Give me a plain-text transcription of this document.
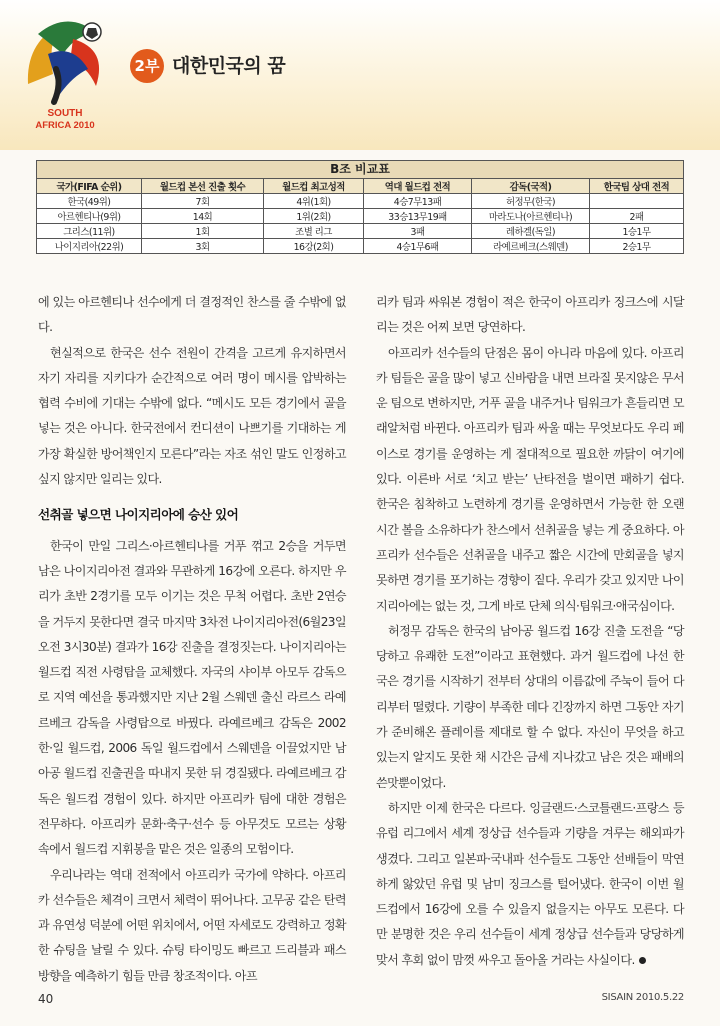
SOUTH
AFRICA 2010
2부 대한민국의 꿈
B조 비교표
국가(FIFA 순위)	월드컵 본선 진출 횟수	월드컵 최고성적	역대 월드컵 전적	감독(국적)	한국팀 상대 전적
한국(49위)	7회	4위(1회)	4승7무13패	허정무(한국)	
아르헨티나(9위)	14회	1위(2회)	33승13무19패	마라도나(아르헨티나)	2패
그리스(11위)	1회	조별 리그	3패	레하겔(독일)	1승1무
나이지리아(22위)	3회	16강(2회)	4승1무6패	라예르베크(스웨덴)	2승1무

에 있는 아르헨티나 선수에게 더 결정적인 찬스를 줄 수밖에 없다.

현실적으로 한국은 선수 전원이 간격을 고르게 유지하면서 자기 자리를 지키다가 순간적으로 여러 명이 메시를 압박하는 협력 수비에 기대는 수밖에 없다. “메시도 모든 경기에서 골을 넣는 것은 아니다. 한국전에서 컨디션이 나쁘기를 기대하는 게 가장 확실한 방어책인지 모른다”라는 자조 섞인 말도 인정하고 싶지 않지만 일리는 있다.

선취골 넣으면 나이지리아에 승산 있어

한국이 만일 그리스·아르헨티나를 거푸 꺾고 2승을 거두면 남은 나이지리아전 결과와 무관하게 16강에 오른다. 하지만 우리가 초반 2경기를 모두 이기는 것은 무척 어렵다. 초반 2연승을 거두지 못한다면 결국 마지막 3차전 나이지리아전(6월23일 오전 3시30분) 결과가 16강 진출을 결정짓는다. 나이지리아는 월드컵 직전 사령탑을 교체했다. 자국의 샤이부 아모두 감독으로 지역 예선을 통과했지만 지난 2월 스웨덴 출신 라르스 라예르베크 감독을 사령탑으로 바꿨다. 라예르베크 감독은 2002 한·일 월드컵, 2006 독일 월드컵에서 스웨덴을 이끌었지만 남아공 월드컵 진출권을 따내지 못한 뒤 경질됐다. 라예르베크 감독은 월드컵 경험이 있다. 하지만 아프리카 팀에 대한 경험은 전무하다. 아프리카 문화·축구·선수 등 아무것도 모르는 상황 속에서 월드컵 지휘봉을 맡은 것은 일종의 모험이다.

우리나라는 역대 전적에서 아프리카 국가에 약하다. 아프리카 선수들은 체격이 크면서 체력이 뛰어나다. 고무공 같은 탄력과 유연성 덕분에 어떤 위치에서, 어떤 자세로도 강력하고 정확한 슈팅을 날릴 수 있다. 슈팅 타이밍도 빠르고 드리블과 패스 방향을 예측하기 힘들 만큼 창조적이다. 아프

리카 팀과 싸워본 경험이 적은 한국이 아프리카 징크스에 시달리는 것은 어찌 보면 당연하다.

아프리카 선수들의 단점은 몸이 아니라 마음에 있다. 아프리카 팀들은 골을 많이 넣고 신바람을 내면 브라질 못지않은 무서운 팀으로 변하지만, 거푸 골을 내주거나 팀워크가 흔들리면 모래알처럼 바뀐다. 아프리카 팀과 싸울 때는 무엇보다도 우리 페이스로 경기를 운영하는 게 절대적으로 필요한 까닭이 여기에 있다. 이른바 서로 ‘치고 받는’ 난타전을 벌이면 패하기 쉽다. 한국은 침착하고 노련하게 경기를 운영하면서 가능한 한 오랜 시간 볼을 소유하다가 찬스에서 선취골을 넣는 게 중요하다. 아프리카 선수들은 선취골을 내주고 짧은 시간에 만회골을 넣지 못하면 경기를 포기하는 경향이 짙다. 우리가 갖고 있지만 나이지리아에는 없는 것, 그게 바로 단체 의식·팀워크·애국심이다.

허정무 감독은 한국의 남아공 월드컵 16강 진출 도전을 “당당하고 유쾌한 도전”이라고 표현했다. 과거 월드컵에 나선 한국은 경기를 시작하기 전부터 상대의 이름값에 주눅이 들어 다리부터 떨렸다. 기량이 부족한 데다 긴장까지 하면 그동안 자기가 준비해온 플레이를 제대로 할 수 없다. 자신이 무엇을 하고 있는지 알지도 못한 채 시간은 금세 지나갔고 남은 것은 패배의 쓴맛뿐이었다.

하지만 이제 한국은 다르다. 잉글랜드·스코틀랜드·프랑스 등 유럽 리그에서 세계 정상급 선수들과 기량을 겨루는 해외파가 생겼다. 그리고 일본파·국내파 선수들도 그동안 선배들이 막연하게 앓았던 유럽 및 남미 징크스를 털어냈다. 한국이 이번 월드컵에서 16강에 오를 수 있을지 없을지는 아무도 모른다. 다만 분명한 것은 우리 선수들이 세계 정상급 선수들과 당당하게 맞서 후회 없이 맘껏 싸우고 돌아올 거라는 사실이다.

40	SISAIN 2010.5.22
